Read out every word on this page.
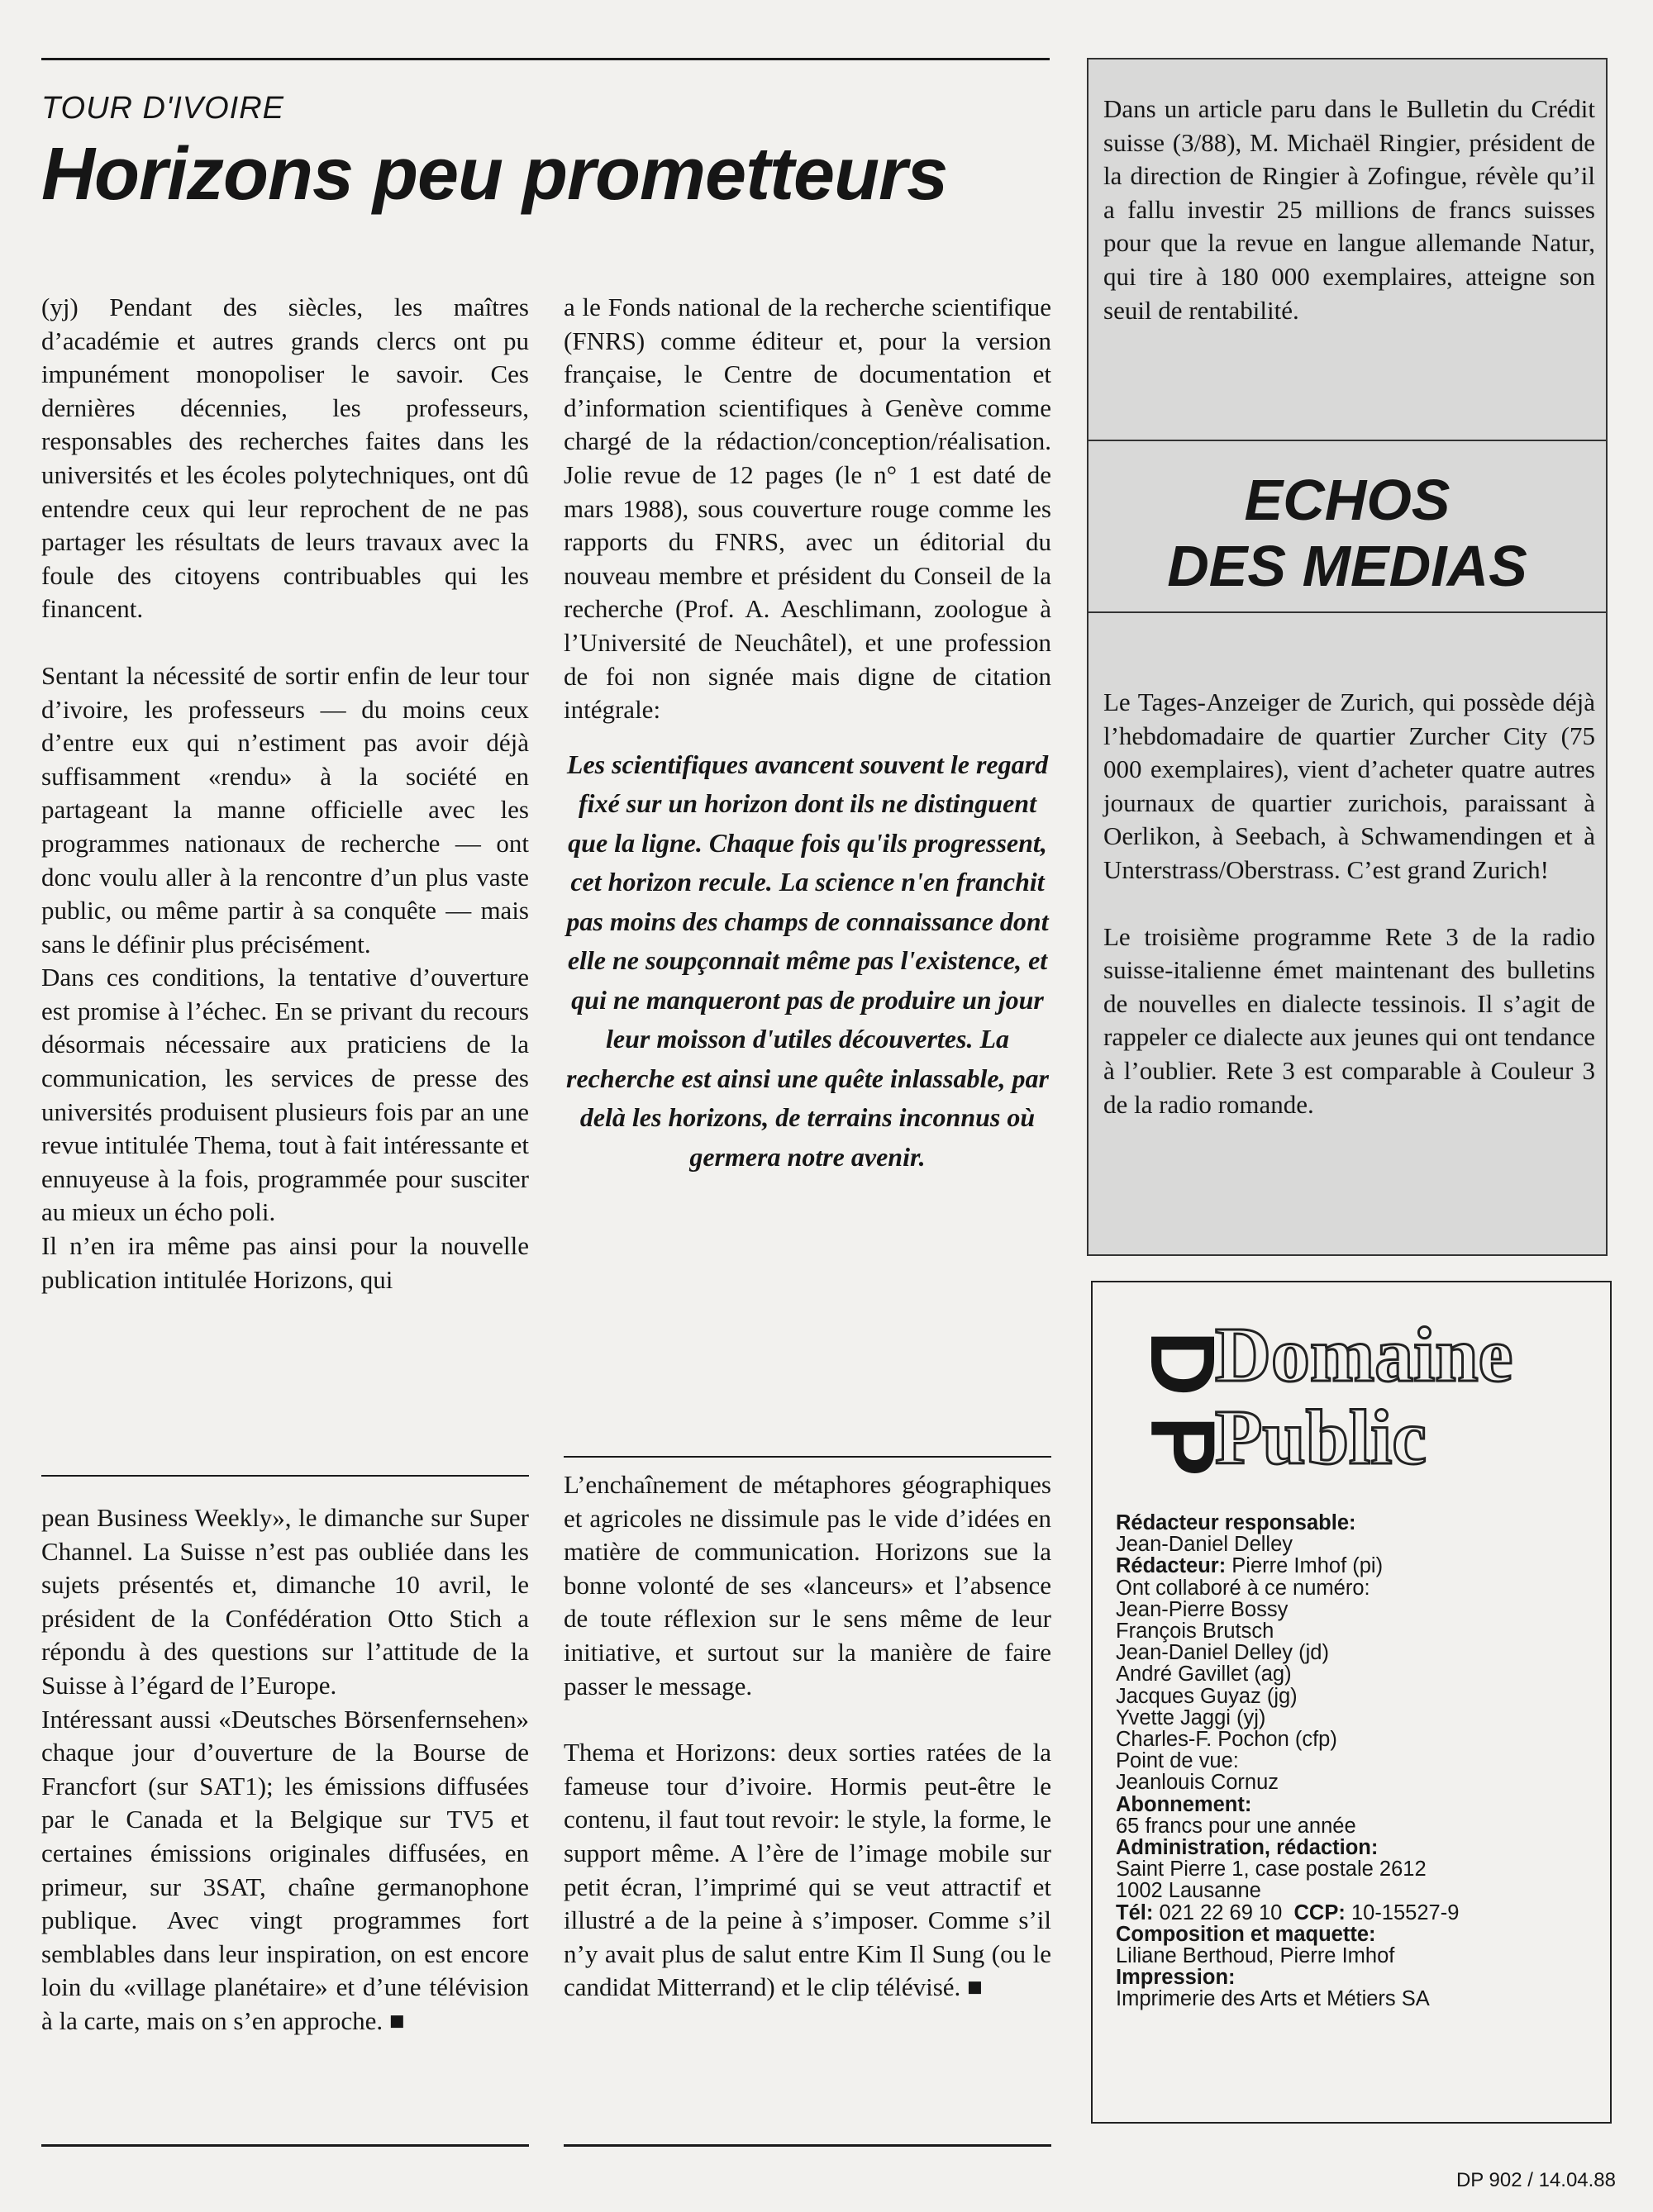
TOUR D'IVOIRE
Horizons peu prometteurs

(yj) Pendant des siècles, les maîtres d’académie et autres grands clercs ont pu impunément monopoliser le savoir. Ces dernières décennies, les professeurs, responsables des recherches faites dans les universités et les écoles polytechniques, ont dû entendre ceux qui leur reprochent de ne pas partager les résultats de leurs travaux avec la foule des citoyens contribuables qui les financent.

Sentant la nécessité de sortir enfin de leur tour d’ivoire, les professeurs — du moins ceux d’entre eux qui n’estiment pas avoir déjà suffisamment «rendu» à la société en partageant la manne officielle avec les programmes nationaux de recherche — ont donc voulu aller à la rencontre d’un plus vaste public, ou même partir à sa conquête — mais sans le définir plus précisément.

Dans ces conditions, la tentative d’ouverture est promise à l’échec. En se privant du recours désormais nécessaire aux praticiens de la communication, les services de presse des universités produisent plusieurs fois par an une revue intitulée Thema, tout à fait intéressante et ennuyeuse à la fois, programmée pour susciter au mieux un écho poli.

Il n’en ira même pas ainsi pour la nouvelle publication intitulée Horizons, qui

pean Business Weekly», le dimanche sur Super Channel. La Suisse n’est pas oubliée dans les sujets présentés et, dimanche 10 avril, le président de la Confédération Otto Stich a répondu à des questions sur l’attitude de la Suisse à l’égard de l’Europe.

Intéressant aussi «Deutsches Börsenfernsehen» chaque jour d’ouverture de la Bourse de Francfort (sur SAT1); les émissions diffusées par le Canada et la Belgique sur TV5 et certaines émissions originales diffusées, en primeur, sur 3SAT, chaîne germanophone publique. Avec vingt programmes fort semblables dans leur inspiration, on est encore loin du «village planétaire» et d’une télévision à la carte, mais on s’en approche. ■

a le Fonds national de la recherche scientifique (FNRS) comme éditeur et, pour la version française, le Centre de documentation et d’information scientifiques à Genève comme chargé de la rédaction/conception/réalisation. Jolie revue de 12 pages (le n° 1 est daté de mars 1988), sous couverture rouge comme les rapports du FNRS, avec un éditorial du nouveau membre et président du Conseil de la recherche (Prof. A. Aeschlimann, zoologue à l’Université de Neuchâtel), et une profession de foi non signée mais digne de citation intégrale:

Les scientifiques avancent souvent le regard fixé sur un horizon dont ils ne distinguent que la ligne. Chaque fois qu'ils progressent, cet horizon recule. La science n'en franchit pas moins des champs de connaissance dont elle ne soupçonnait même pas l'existence, et qui ne manqueront pas de produire un jour leur moisson d'utiles découvertes. La recherche est ainsi une quête inlassable, par delà les horizons, de terrains inconnus où germera notre avenir.

L’enchaînement de métaphores géographiques et agricoles ne dissimule pas le vide d’idées en matière de communication. Horizons sue la bonne volonté de ses «lanceurs» et l’absence de toute réflexion sur le sens même de leur initiative, et surtout sur la manière de faire passer le message.

Thema et Horizons: deux sorties ratées de la fameuse tour d’ivoire. Hormis peut-être le contenu, il faut tout revoir: le style, la forme, le support même. A l’ère de l’image mobile sur petit écran, l’imprimé qui se veut attractif et illustré a de la peine à s’imposer. Comme s’il n’y avait plus de salut entre Kim Il Sung (ou le candidat Mitterrand) et le clip télévisé. ■

Dans un article paru dans le Bulletin du Crédit suisse (3/88), M. Michaël Ringier, président de la direction de Ringier à Zofingue, révèle qu’il a fallu investir 25 millions de francs suisses pour que la revue en langue allemande Natur, qui tire à 180 000 exemplaires, atteigne son seuil de rentabilité.

ECHOS
DES MEDIAS

Le Tages-Anzeiger de Zurich, qui possède déjà l’hebdomadaire de quartier Zurcher City (75 000 exemplaires), vient d’acheter quatre autres journaux de quartier zurichois, paraissant à Oerlikon, à Seebach, à Schwamendingen et à Unterstrass/Oberstrass. C’est grand Zurich!

Le troisième programme Rete 3 de la radio suisse-italienne émet maintenant des bulletins de nouvelles en dialecte tessinois. Il s’agit de rappeler ce dialecte aux jeunes qui ont tendance à l’oublier. Rete 3 est comparable à Couleur 3 de la radio romande.

D
P
Domaine
Public
Rédacteur responsable:
Jean-Daniel Delley
Rédacteur: Pierre Imhof (pi)
Ont collaboré à ce numéro:
Jean-Pierre Bossy
François Brutsch
Jean-Daniel Delley (jd)
André Gavillet (ag)
Jacques Guyaz (jg)
Yvette Jaggi (yj)
Charles-F. Pochon (cfp)
Point de vue:
Jeanlouis Cornuz
Abonnement:
65 francs pour une année
Administration, rédaction:
Saint Pierre 1, case postale 2612
1002 Lausanne
Tél: 021 22 69 10 CCP: 10-15527-9
Composition et maquette:
Liliane Berthoud, Pierre Imhof
Impression:
Imprimerie des Arts et Métiers SA
DP 902 / 14.04.88
